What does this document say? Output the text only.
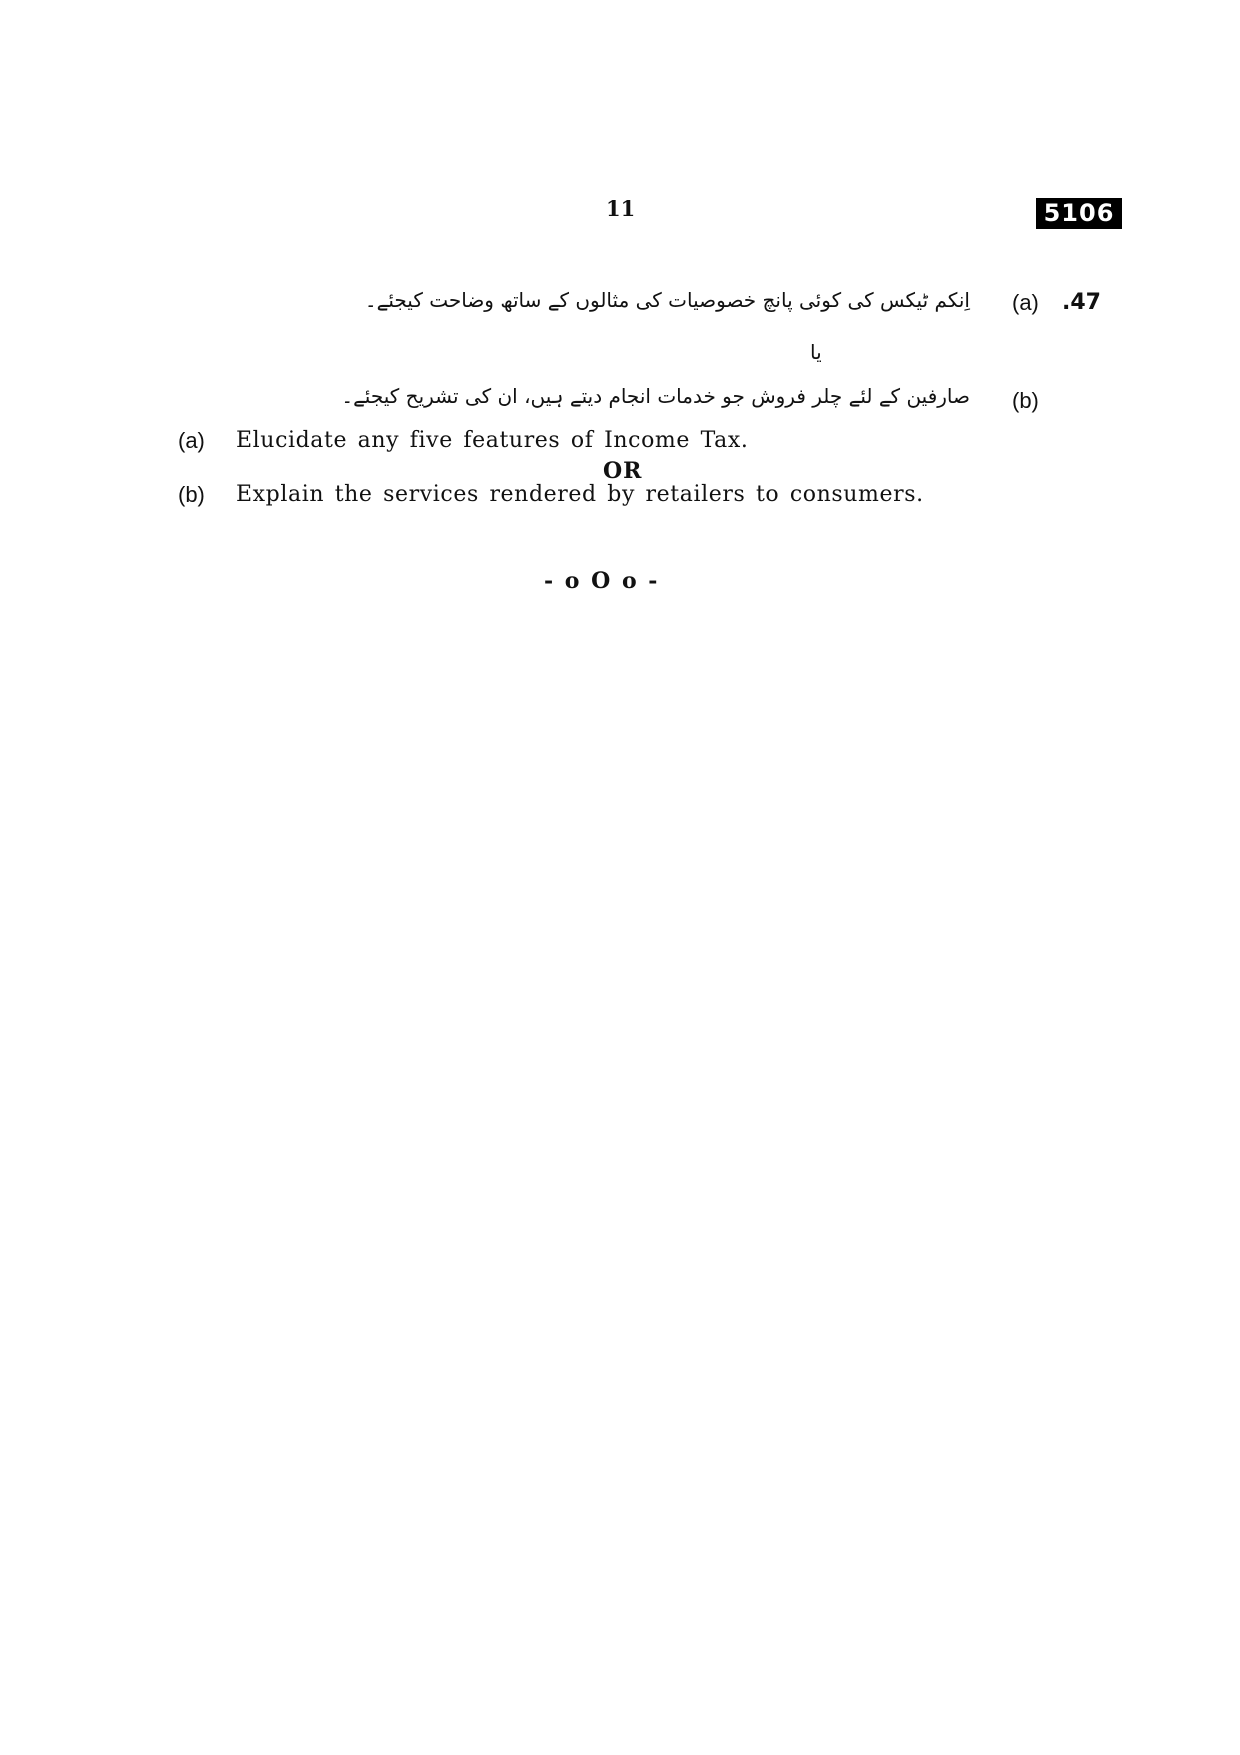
11	5106
.47
(a)
اِنکم ٹیکس کی کوئی پانچ خصوصیات کی مثالوں کے ساتھ وضاحت کیجئے۔
یا
(b)
صارفین کے لئے چلر فروش جو خدمات انجام دیتے ہیں، ان کی تشریح کیجئے۔
(a) Elucidate any five features of Income Tax.
OR
(b) Explain the services rendered by retailers to consumers.
- o O o -
